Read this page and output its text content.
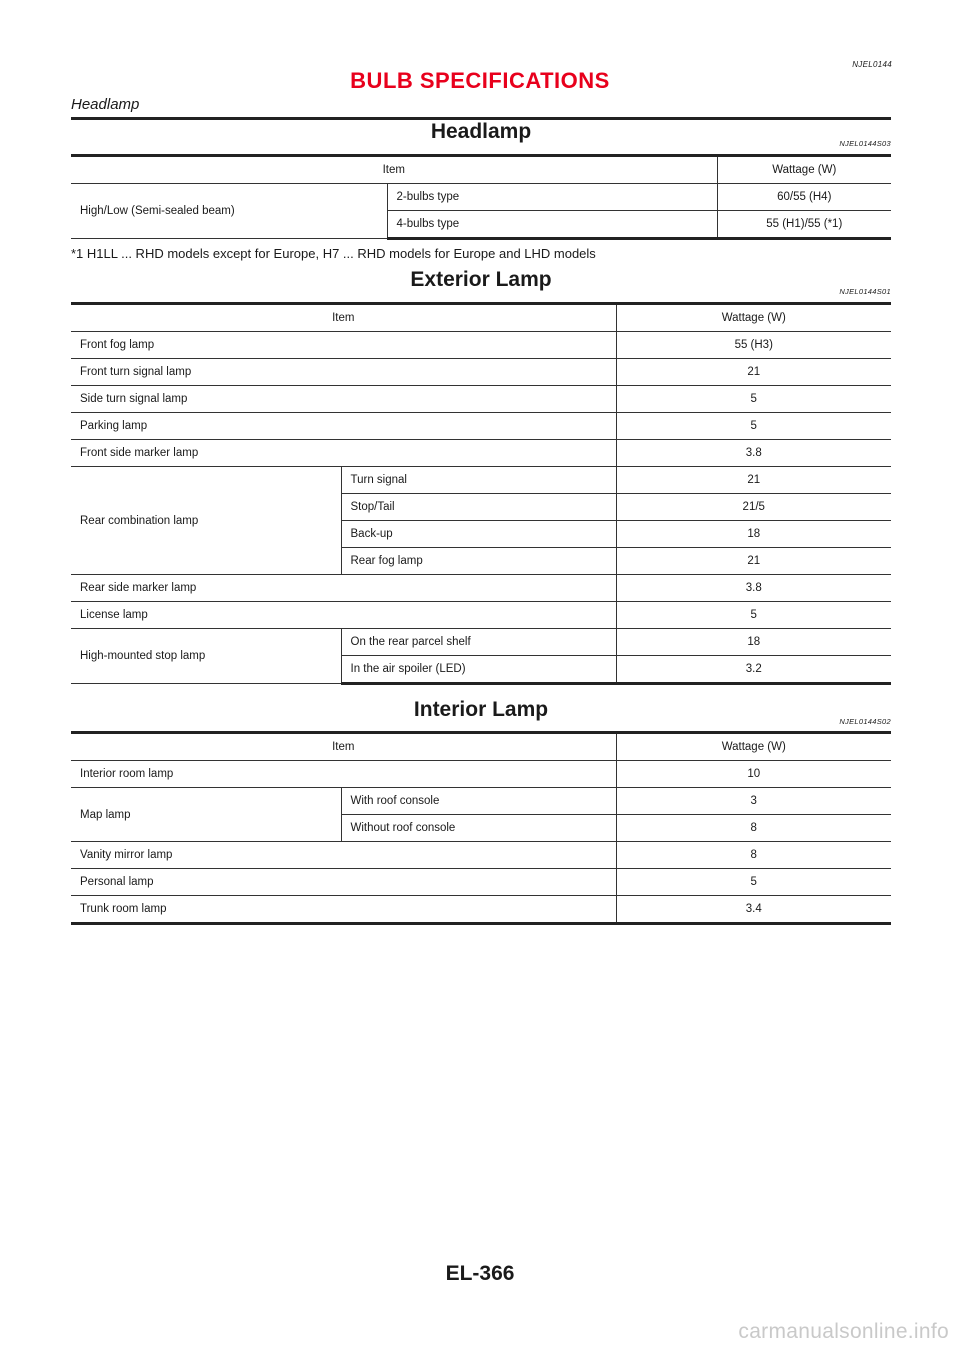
NJEL0144
BULB SPECIFICATIONS
Headlamp
Headlamp
NJEL0144S03
Item		Wattage (W)
High/Low (Semi-sealed beam)	2-bulbs type	60/55 (H4)
	4-bulbs type	55 (H1)/55 (*1)
*1 H1LL ... RHD models except for Europe, H7 ... RHD models for Europe and LHD models
Exterior Lamp
NJEL0144S01
Item		Wattage (W)
Front fog lamp		55 (H3)
Front turn signal lamp		21
Side turn signal lamp		5
Parking lamp		5
Front side marker lamp		3.8
Rear combination lamp	Turn signal	21
	Stop/Tail	21/5
	Back-up	18
	Rear fog lamp	21
Rear side marker lamp		3.8
License lamp		5
High-mounted stop lamp	On the rear parcel shelf	18
	In the air spoiler (LED)	3.2
Interior Lamp
NJEL0144S02
Item		Wattage (W)
Interior room lamp		10
Map lamp	With roof console	3
	Without roof console	8
Vanity mirror lamp		8
Personal lamp		5
Trunk room lamp		3.4
EL-366
carmanualsonline.info
